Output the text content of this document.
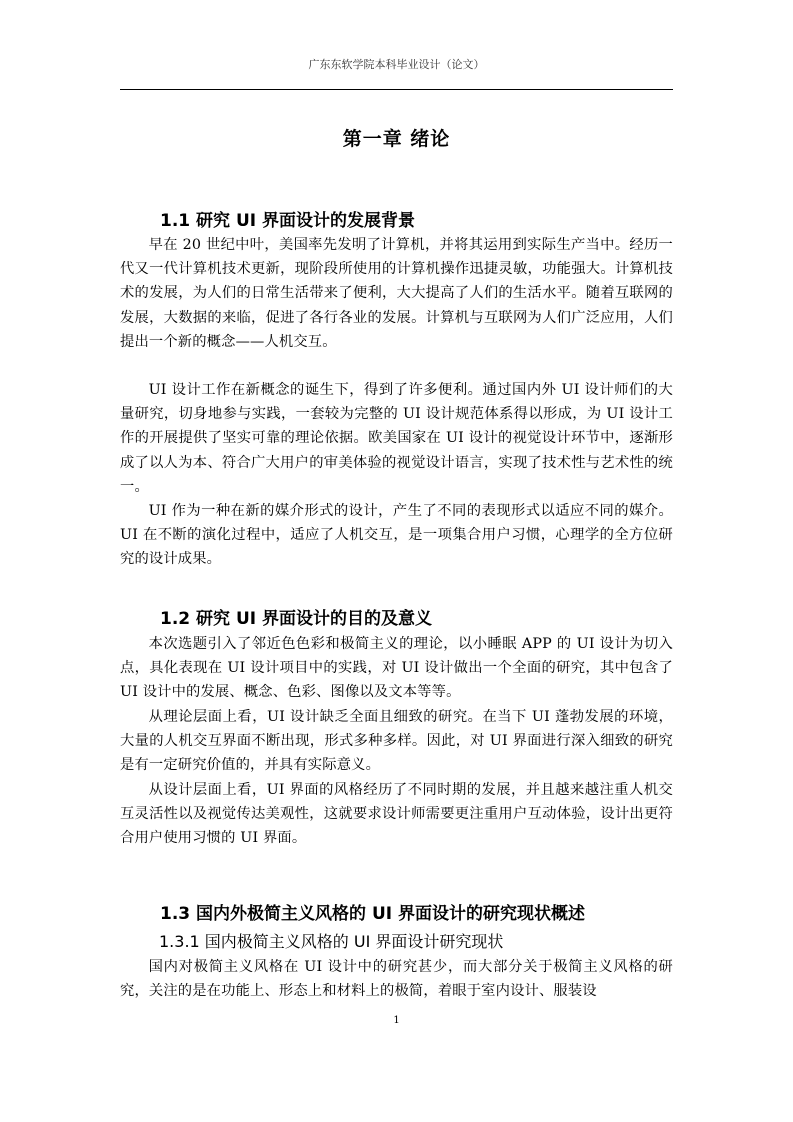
广东东软学院本科毕业设计（论文）
第一章 绪论
1.1 研究 UI 界面设计的发展背景
早在 20 世纪中叶，美国率先发明了计算机，并将其运用到实际生产当中。经历一代又一代计算机技术更新，现阶段所使用的计算机操作迅捷灵敏，功能强大。计算机技术的发展，为人们的日常生活带来了便利，大大提高了人们的生活水平。随着互联网的发展，大数据的来临，促进了各行各业的发展。计算机与互联网为人们广泛应用，人们提出一个新的概念——人机交互。
UI 设计工作在新概念的诞生下，得到了许多便利。通过国内外 UI 设计师们的大量研究，切身地参与实践，一套较为完整的 UI 设计规范体系得以形成，为 UI 设计工作的开展提供了坚实可靠的理论依据。欧美国家在 UI 设计的视觉设计环节中，逐渐形成了以人为本、符合广大用户的审美体验的视觉设计语言，实现了技术性与艺术性的统一。
UI 作为一种在新的媒介形式的设计，产生了不同的表现形式以适应不同的媒介。UI 在不断的演化过程中，适应了人机交互，是一项集合用户习惯，心理学的全方位研究的设计成果。
1.2 研究 UI 界面设计的目的及意义
本次选题引入了邻近色色彩和极简主义的理论，以小睡眠 APP 的 UI 设计为切入点，具化表现在 UI 设计项目中的实践，对 UI 设计做出一个全面的研究，其中包含了 UI 设计中的发展、概念、色彩、图像以及文本等等。
从理论层面上看，UI 设计缺乏全面且细致的研究。在当下 UI 蓬勃发展的环境，大量的人机交互界面不断出现，形式多种多样。因此，对 UI 界面进行深入细致的研究是有一定研究价值的，并具有实际意义。
从设计层面上看，UI 界面的风格经历了不同时期的发展，并且越来越注重人机交互灵活性以及视觉传达美观性，这就要求设计师需要更注重用户互动体验，设计出更符合用户使用习惯的 UI 界面。
1.3 国内外极简主义风格的 UI 界面设计的研究现状概述
1.3.1 国内极简主义风格的 UI 界面设计研究现状
国内对极简主义风格在 UI 设计中的研究甚少，而大部分关于极简主义风格的研究，关注的是在功能上、形态上和材料上的极简，着眼于室内设计、服装设
1
